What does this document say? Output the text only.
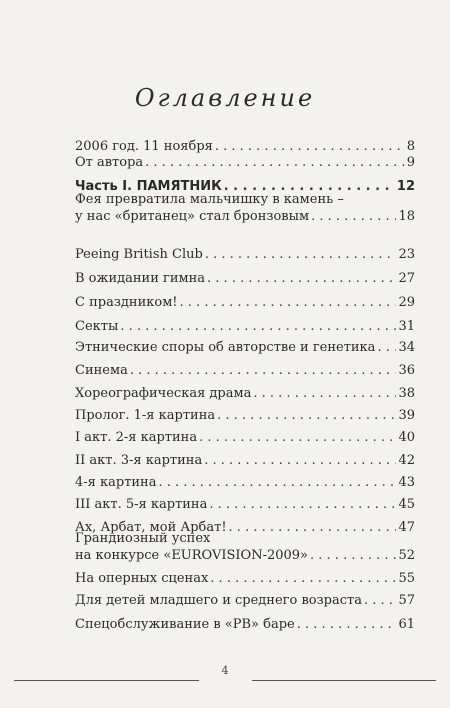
Оглавление
2006 год. 11 ноября . . .	8
От автора . . .	9
Часть I. ПАМЯТНИК . . .	12
Фея превратила мальчишку в камень –
у нас «британец» стал бронзовым . . .	18
Peeing British Club . . .	23
В ожидании гимна . . .	27
С праздником! . . .	29
Секты . . .	31
Этнические споры об авторстве и генетика . . . 34
Синема . . .	36
Хореографическая драма . . .	38
Пролог. 1-я картина . . .	39
I акт. 2-я картина . . .	40
II акт. 3-я картина . . .	42
4-я картина . . .	43
III акт. 5-я картина . . .	45
Ах, Арбат, мой Арбат! . . .	47
Грандиозный успех
на конкурсе «EUROVISION-2009» . . .	52
На оперных сценах . . .	55
Для детей младшего и среднего возраста . . .	57
Спецобслуживание в «РВ» баре . . .	61
4
